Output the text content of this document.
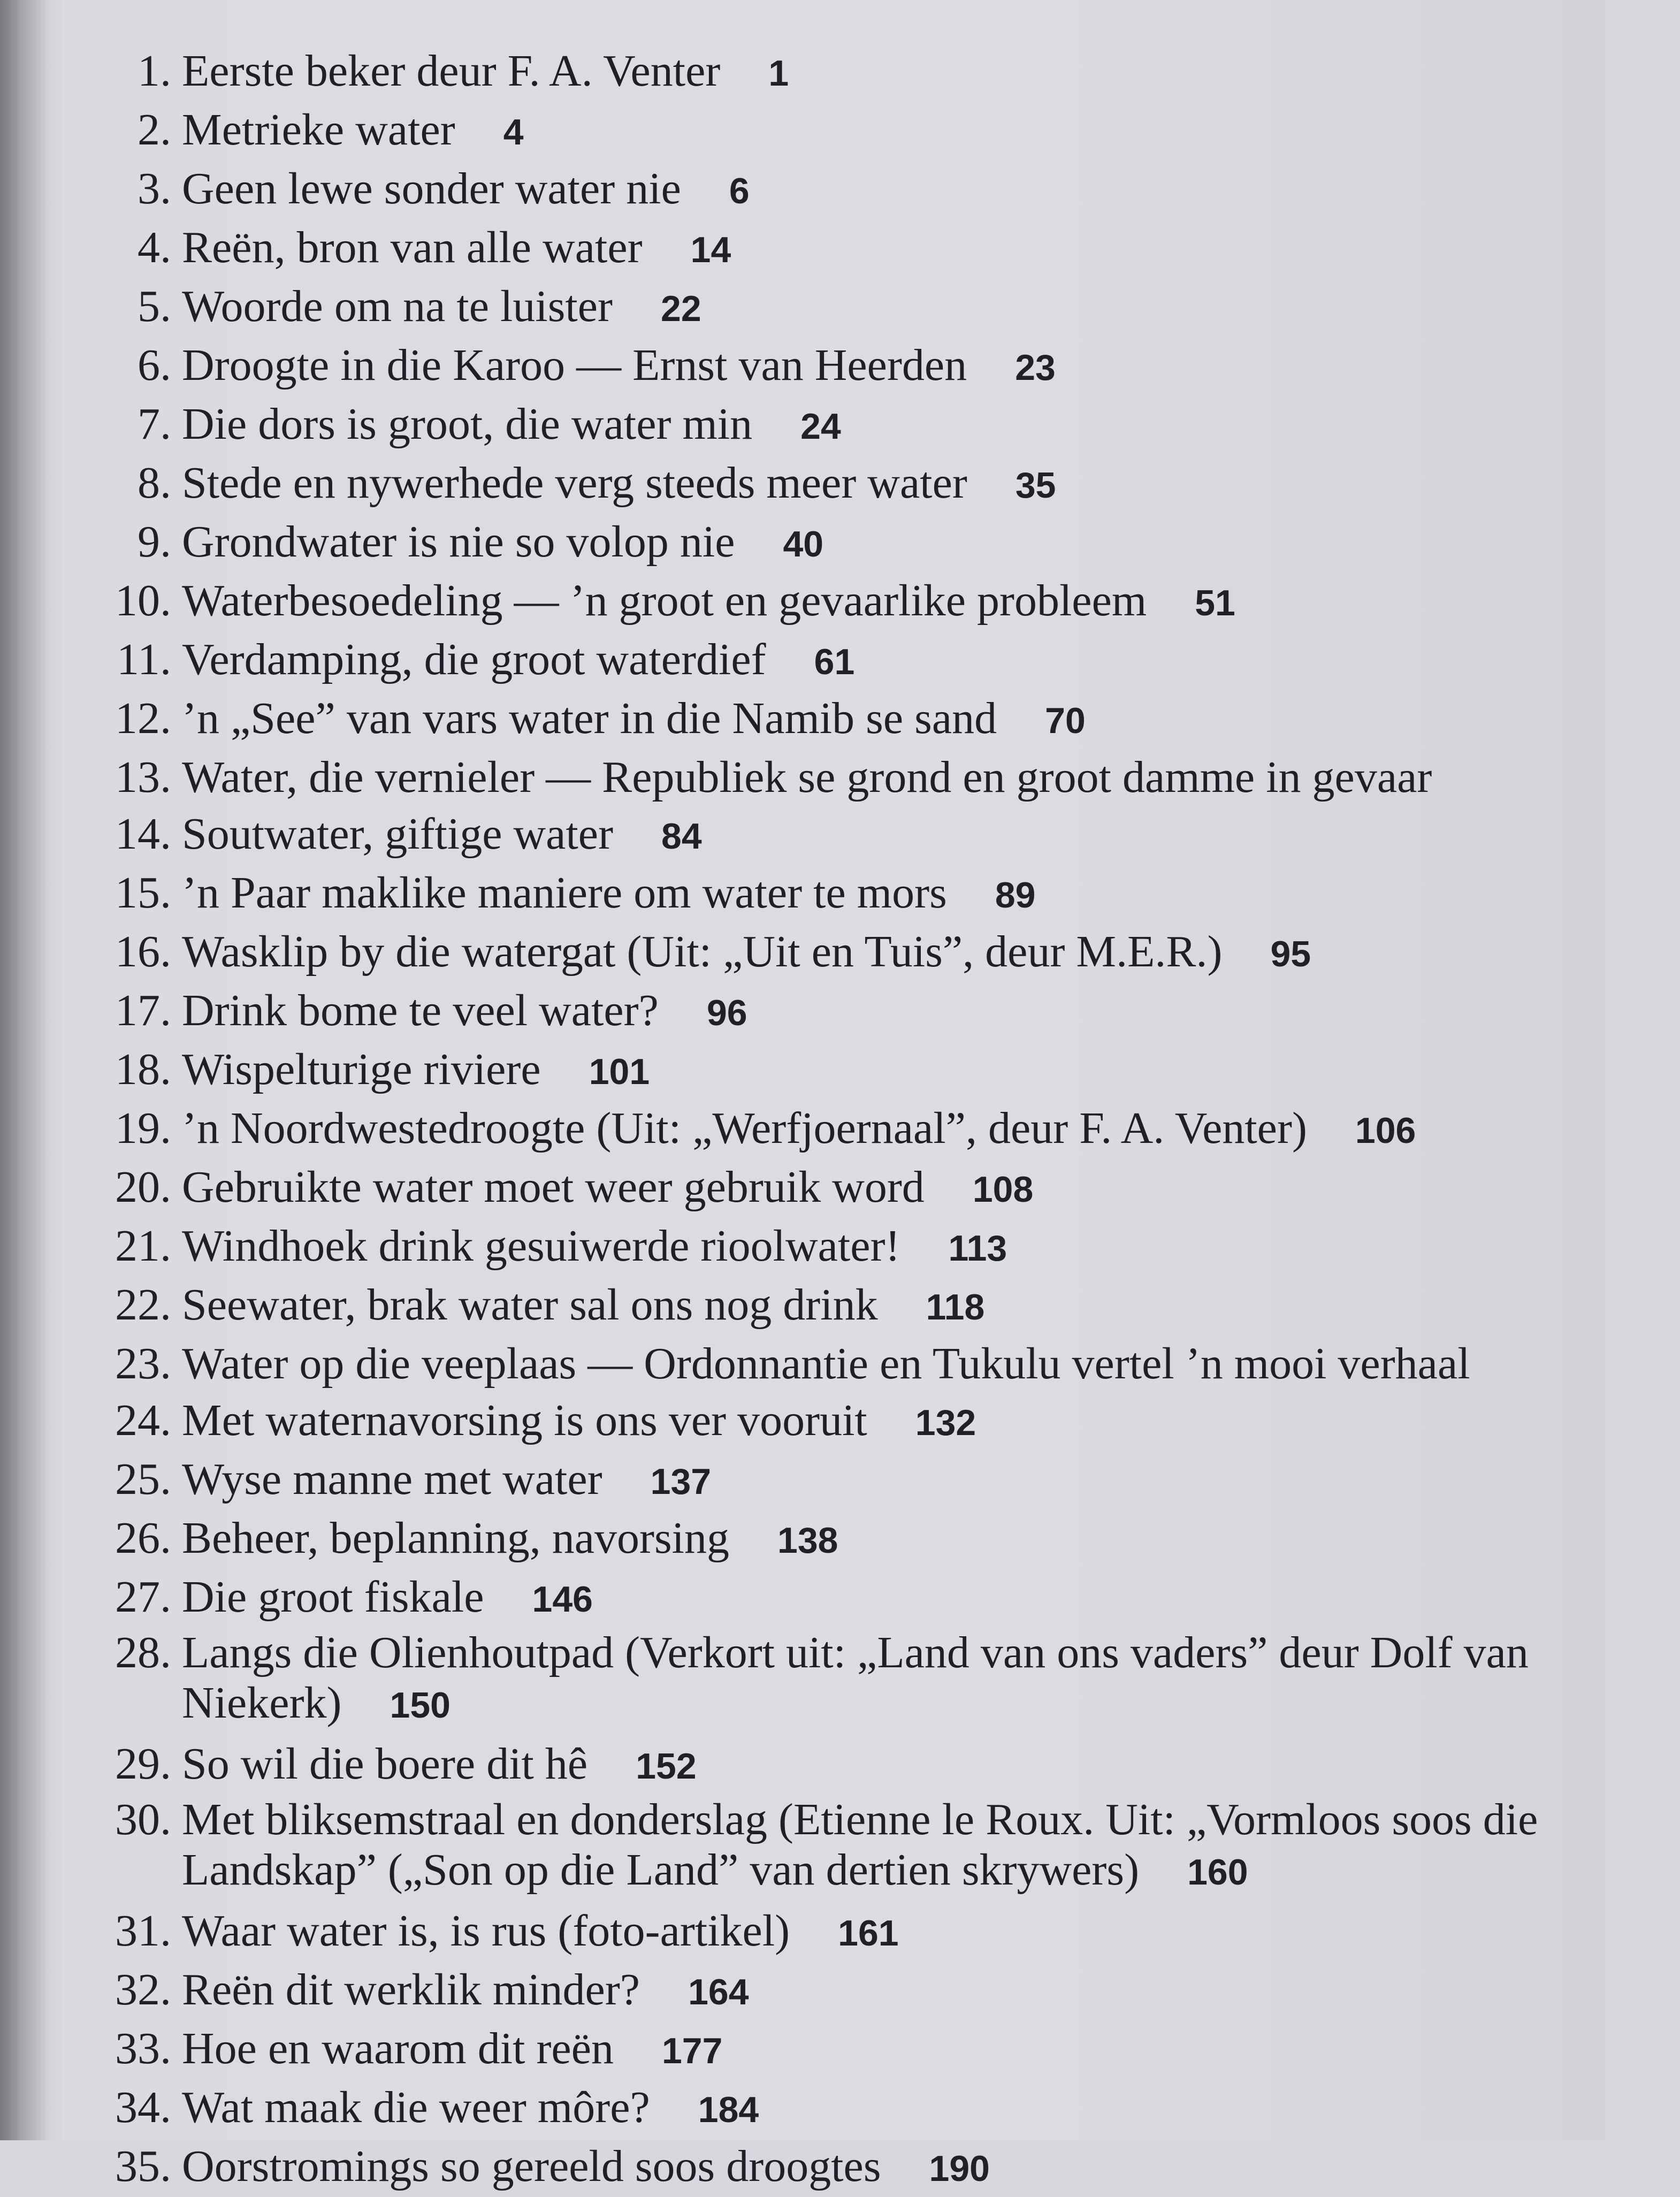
1. Eerste beker deur F. A. Venter 1
2. Metrieke water 4
3. Geen lewe sonder water nie 6
4. Reën, bron van alle water 14
5. Woorde om na te luister 22
6. Droogte in die Karoo — Ernst van Heerden 23
7. Die dors is groot, die water min 24
8. Stede en nywerhede verg steeds meer water 35
9. Grondwater is nie so volop nie 40
10. Waterbesoedeling — ’n groot en gevaarlike probleem 51
11. Verdamping, die groot waterdief 61
12. ’n „See” van vars water in die Namib se sand 70
13. Water, die vernieler — Republiek se grond en groot damme in gevaar
14. Soutwater, giftige water 84
15. ’n Paar maklike maniere om water te mors 89
16. Wasklip by die watergat (Uit: „Uit en Tuis”, deur M.E.R.) 95
17. Drink bome te veel water? 96
18. Wispelturige riviere 101
19. ’n Noordwestedroogte (Uit: „Werfjoernaal”, deur F. A. Venter) 106
20. Gebruikte water moet weer gebruik word 108
21. Windhoek drink gesuiwerde rioolwater! 113
22. Seewater, brak water sal ons nog drink 118
23. Water op die veeplaas — Ordonnantie en Tukulu vertel ’n mooi verhaal
24. Met waternavorsing is ons ver vooruit 132
25. Wyse manne met water 137
26. Beheer, beplanning, navorsing 138
27. Die groot fiskale 146
28. Langs die Olienhoutpad (Verkort uit: „Land van ons vaders” deur Dolf van Niekerk) 150
29. So wil die boere dit hê 152
30. Met bliksemstraal en donderslag (Etienne le Roux. Uit: „Vormloos soos die Landskap” („Son op die Land” van dertien skrywers) 160
31. Waar water is, is rus (foto-artikel) 161
32. Reën dit werklik minder? 164
33. Hoe en waarom dit reën 177
34. Wat maak die weer môre? 184
35. Oorstromings so gereeld soos droogtes 190
